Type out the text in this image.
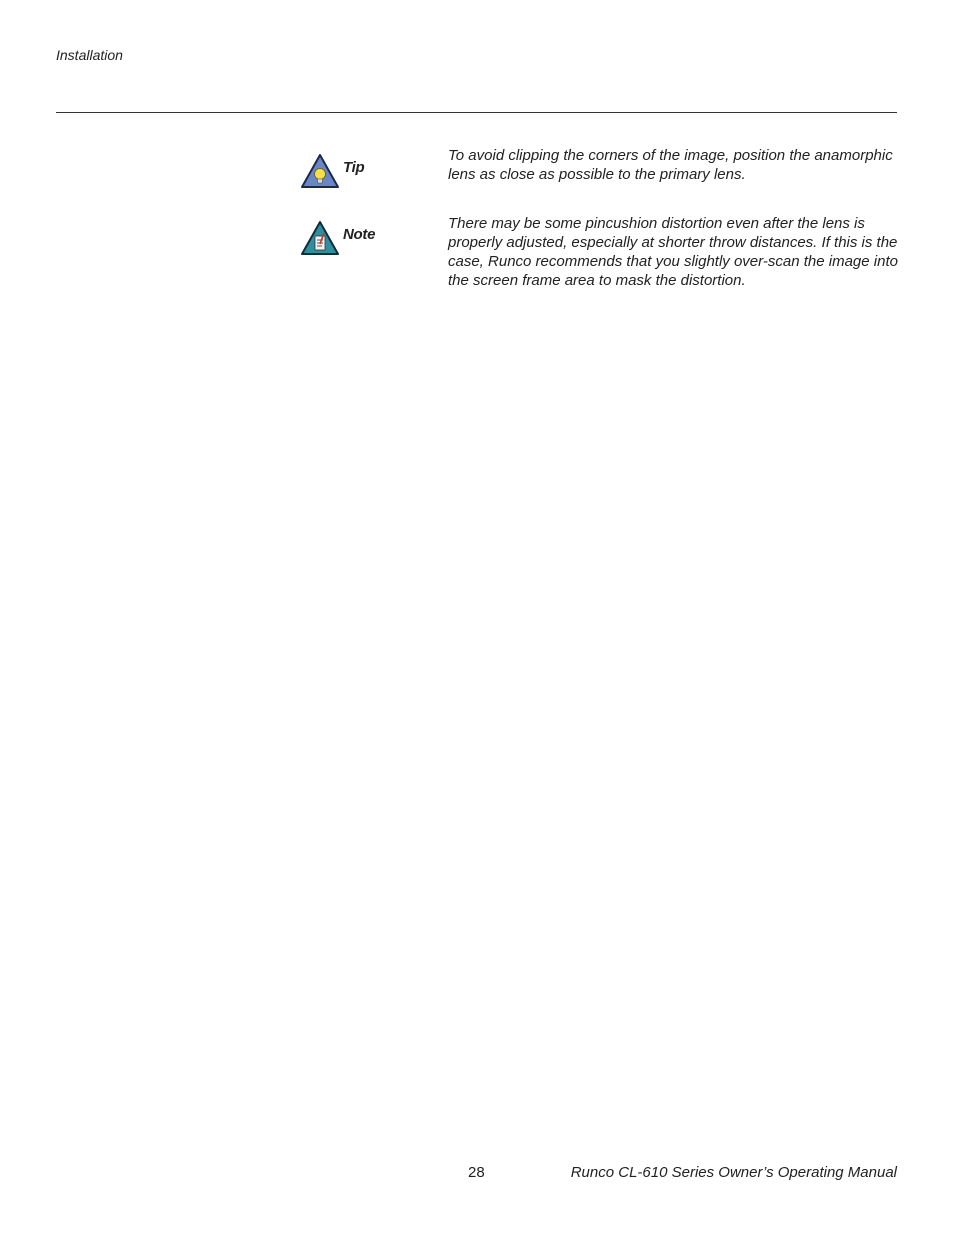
Installation
Tip
To avoid clipping the corners of the image, position the anamorphic lens as close as possible to the primary lens.
Note
There may be some pincushion distortion even after the lens is properly adjusted, especially at shorter throw distances. If this is the case, Runco recommends that you slightly over-scan the image into the screen frame area to mask the distortion.
28	Runco CL-610 Series Owner’s Operating Manual
